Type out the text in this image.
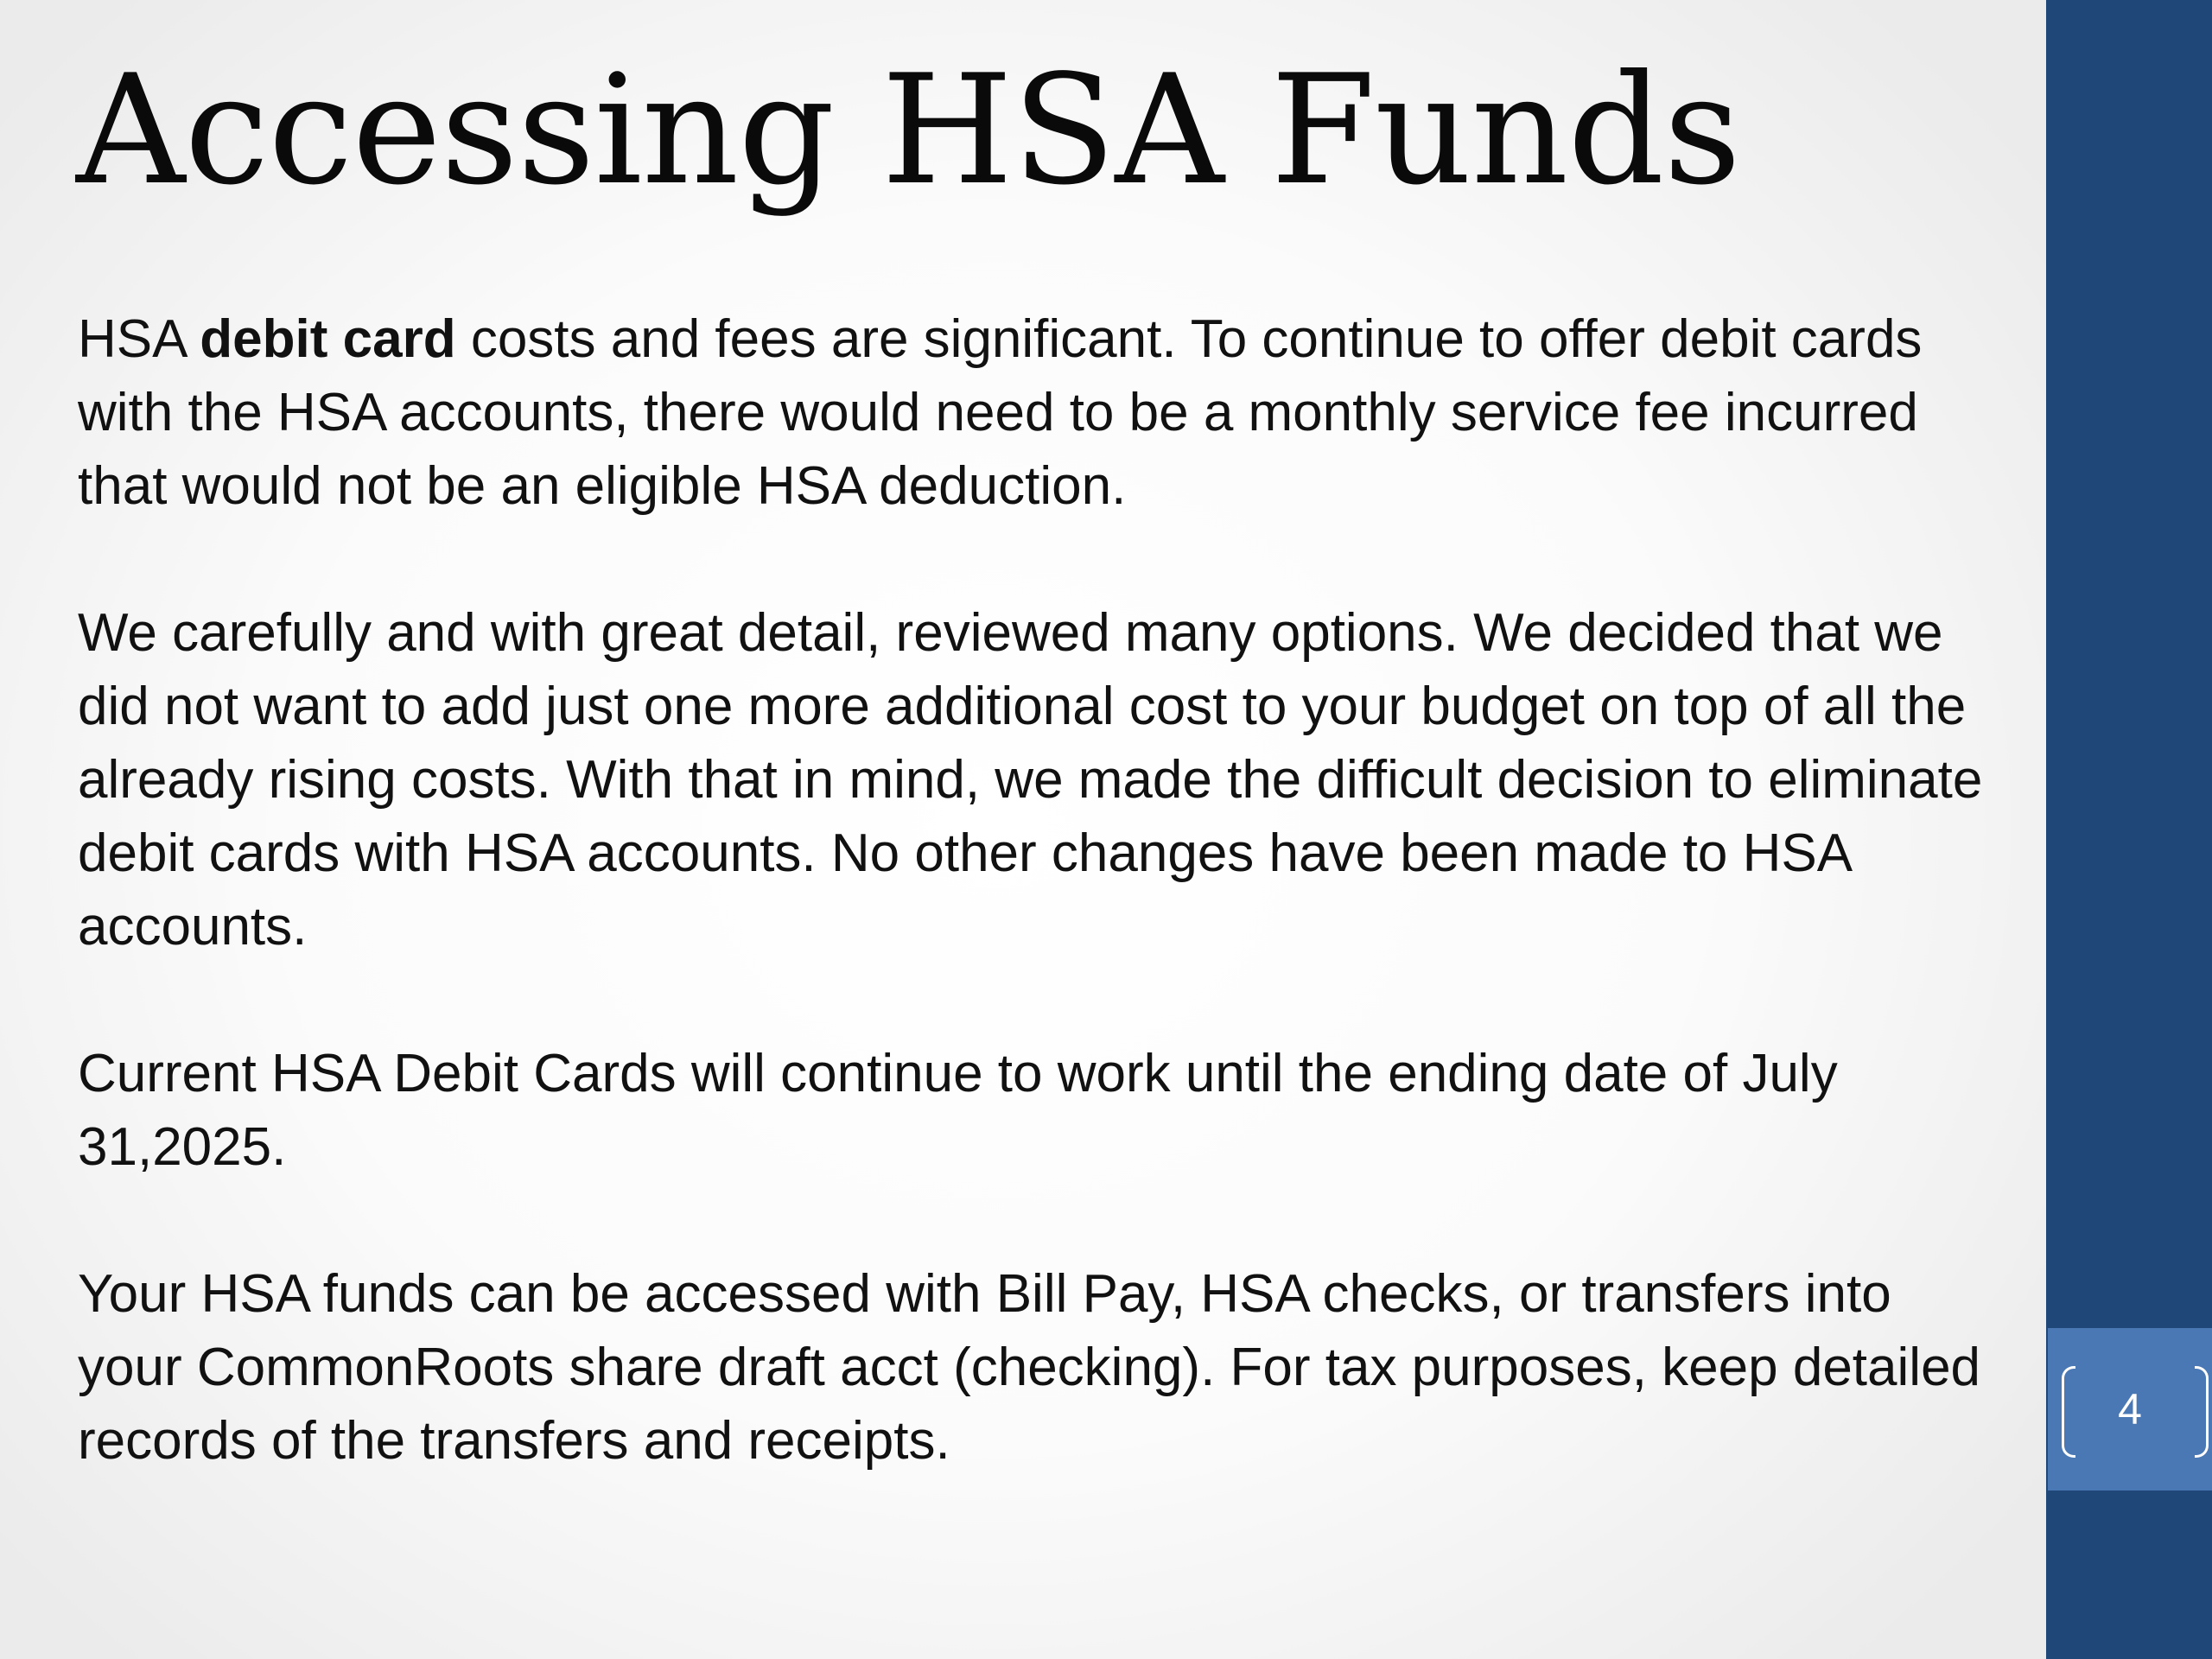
Accessing HSA Funds

HSA debit card costs and fees are significant. To continue to offer debit cards with the HSA accounts, there would need to be a monthly service fee incurred that would not be an eligible HSA deduction.

We carefully and with great detail, reviewed many options. We decided that we did not want to add just one more additional cost to your budget on top of all the already rising costs. With that in mind, we made the difficult decision to eliminate debit cards with HSA accounts. No other changes have been made to HSA accounts.

Current HSA Debit Cards will continue to work until the ending date of July 31,2025.

Your HSA funds can be accessed with Bill Pay, HSA checks, or transfers into your CommonRoots share draft acct (checking). For tax purposes, keep detailed records of the transfers and receipts.

4
